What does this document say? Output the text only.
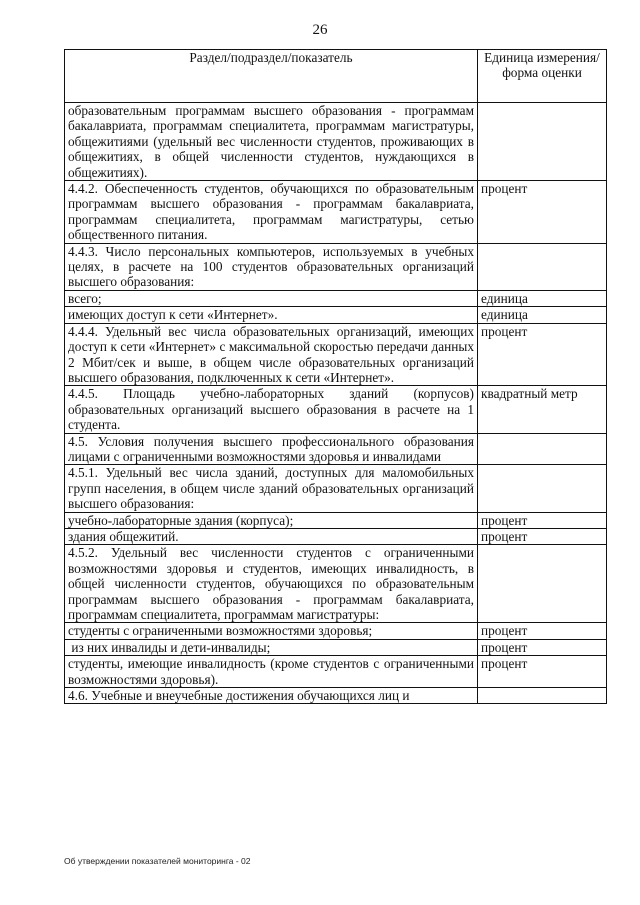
26
Раздел/подраздел/показатель	Единица измерения/ форма оценки
образовательным программам высшего образования - программам бакалавриата, программам специалитета, программам магистратуры, общежитиями (удельный вес численности студентов, проживающих в общежитиях, в общей численности студентов, нуждающихся в общежитиях).	
4.4.2. Обеспеченность студентов, обучающихся по образовательным программам высшего образования - программам бакалавриата, программам специалитета, программам магистратуры, сетью общественного питания.	процент
4.4.3. Число персональных компьютеров, используемых в учебных целях, в расчете на 100 студентов образовательных организаций высшего образования:	
всего;	единица
имеющих доступ к сети «Интернет».	единица
4.4.4. Удельный вес числа образовательных организаций, имеющих доступ к сети «Интернет» с максимальной скоростью передачи данных 2 Мбит/сек и выше, в общем числе образовательных организаций высшего образования, подключенных к сети «Интернет».	процент
4.4.5. Площадь учебно-лабораторных зданий (корпусов) образовательных организаций высшего образования в расчете на 1 студента.	квадратный метр
4.5. Условия получения высшего профессионального образования лицами с ограниченными возможностями здоровья и инвалидами	
4.5.1. Удельный вес числа зданий, доступных для маломобильных групп населения, в общем числе зданий образовательных организаций высшего образования:	
учебно-лабораторные здания (корпуса);	процент
здания общежитий.	процент
4.5.2. Удельный вес численности студентов с ограниченными возможностями здоровья и студентов, имеющих инвалидность, в общей численности студентов, обучающихся по образовательным программам высшего образования - программам бакалавриата, программам специалитета, программам магистратуры:	
студенты с ограниченными возможностями здоровья;	процент
из них инвалиды и дети-инвалиды;	процент
студенты, имеющие инвалидность (кроме студентов с ограниченными возможностями здоровья).	процент
4.6. Учебные и внеучебные достижения обучающихся лиц и	
Об утверждении показателей мониторинга - 02
